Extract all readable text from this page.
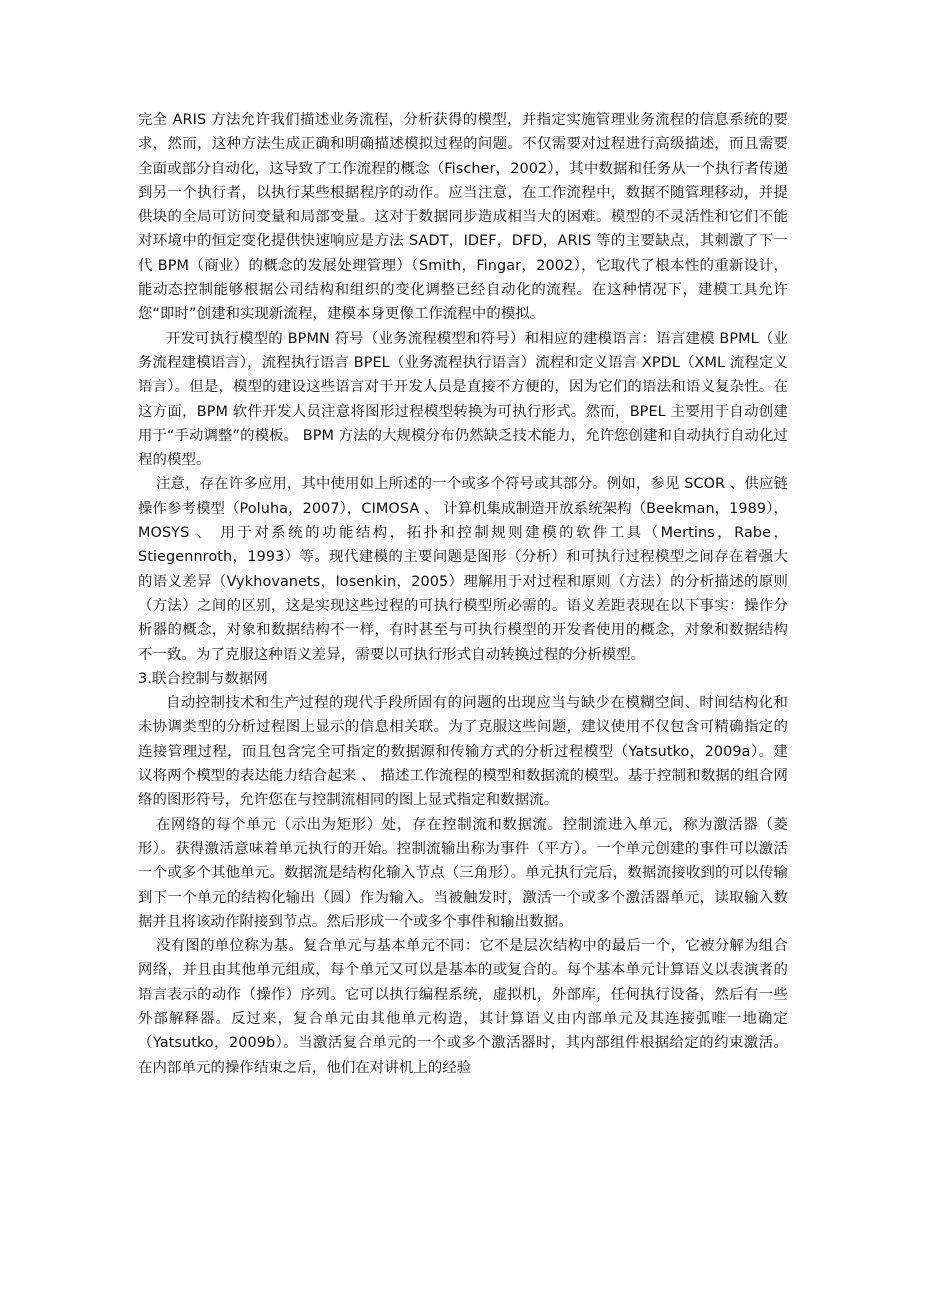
完全 ARIS 方法允许我们描述业务流程，分析获得的模型，并指定实施管理业务流程的信息系统的要求，然而，这种方法生成正确和明确描述模拟过程的问题。不仅需要对过程进行高级描述，而且需要全面或部分自动化，这导致了工作流程的概念（Fischer，2002），其中数据和任务从一个执行者传递到另一个执行者，以执行某些根据程序的动作。应当注意，在工作流程中，数据不随管理移动，并提供块的全局可访问变量和局部变量。这对于数据同步造成相当大的困难。模型的不灵活性和它们不能对环境中的恒定变化提供快速响应是方法 SADT，IDEF，DFD，ARIS 等的主要缺点，其刺激了下一代 BPM（商业）的概念的发展处理管理）（Smith，Fingar，2002），它取代了根本性的重新设计，能动态控制能够根据公司结构和组织的变化调整已经自动化的流程。在这种情况下，建模工具允许您“即时”创建和实现新流程，建模本身更像工作流程中的模拟。

开发可执行模型的 BPMN 符号（业务流程模型和符号）和相应的建模语言：语言建模 BPML（业务流程建模语言），流程执行语言 BPEL（业务流程执行语言）流程和定义语言 XPDL（XML 流程定义语言）。但是，模型的建设这些语言对于开发人员是直接不方便的，因为它们的语法和语义复杂性。在这方面，BPM 软件开发人员注意将图形过程模型转换为可执行形式。然而，BPEL 主要用于自动创建用于“手动调整”的模板。 BPM 方法的大规模分布仍然缺乏技术能力，允许您创建和自动执行自动化过程的模型。

注意，存在许多应用，其中使用如上所述的一个或多个符号或其部分。例如，参见 SCOR 、供应链操作参考模型（Poluha，2007），CIMOSA 、 计算机集成制造开放系统架构（Beekman，1989），MOSYS 、 用于对系统的功能结构，拓扑和控制规则建模的软件工具（Mertins，Rabe，Stiegennroth，1993）等。现代建模的主要问题是图形（分析）和可执行过程模型之间存在着强大的语义差异（Vykhovanets，Iosenkin，2005）理解用于对过程和原则（方法）的分析描述的原则（方法）之间的区别，这是实现这些过程的可执行模型所必需的。语义差距表现在以下事实：操作分析器的概念，对象和数据结构不一样，有时甚至与可执行模型的开发者使用的概念，对象和数据结构不一致。为了克服这种语义差异，需要以可执行形式自动转换过程的分析模型。

3.联合控制与数据网

自动控制技术和生产过程的现代手段所固有的问题的出现应当与缺少在模糊空间、时间结构化和未协调类型的分析过程图上显示的信息相关联。为了克服这些问题，建议使用不仅包含可精确指定的连接管理过程，而且包含完全可指定的数据源和传输方式的分析过程模型（Yatsutko，2009a）。建议将两个模型的表达能力结合起来 、 描述工作流程的模型和数据流的模型。基于控制和数据的组合网络的图形符号，允许您在与控制流相同的图上显式指定和数据流。

在网络的每个单元（示出为矩形）处，存在控制流和数据流。控制流进入单元，称为激活器（菱形）。获得激活意味着单元执行的开始。控制流输出称为事件（平方）。一个单元创建的事件可以激活一个或多个其他单元。数据流是结构化输入节点（三角形）。单元执行完后，数据流接收到的可以传输到下一个单元的结构化输出（圆）作为输入。当被触发时，激活一个或多个激活器单元，读取输入数据并且将该动作附接到节点。然后形成一个或多个事件和输出数据。

没有图的单位称为基。复合单元与基本单元不同：它不是层次结构中的最后一个，它被分解为组合网络，并且由其他单元组成，每个单元又可以是基本的或复合的。每个基本单元计算语义以表演者的语言表示的动作（操作）序列。它可以执行编程系统，虚拟机，外部库，任何执行设备，然后有一些外部解释器。反过来，复合单元由其他单元构造，其计算语义由内部单元及其连接弧唯一地确定（Yatsutko，2009b）。当激活复合单元的一个或多个激活器时，其内部组件根据给定的约束激活。在内部单元的操作结束之后，他们在对讲机上的经验
